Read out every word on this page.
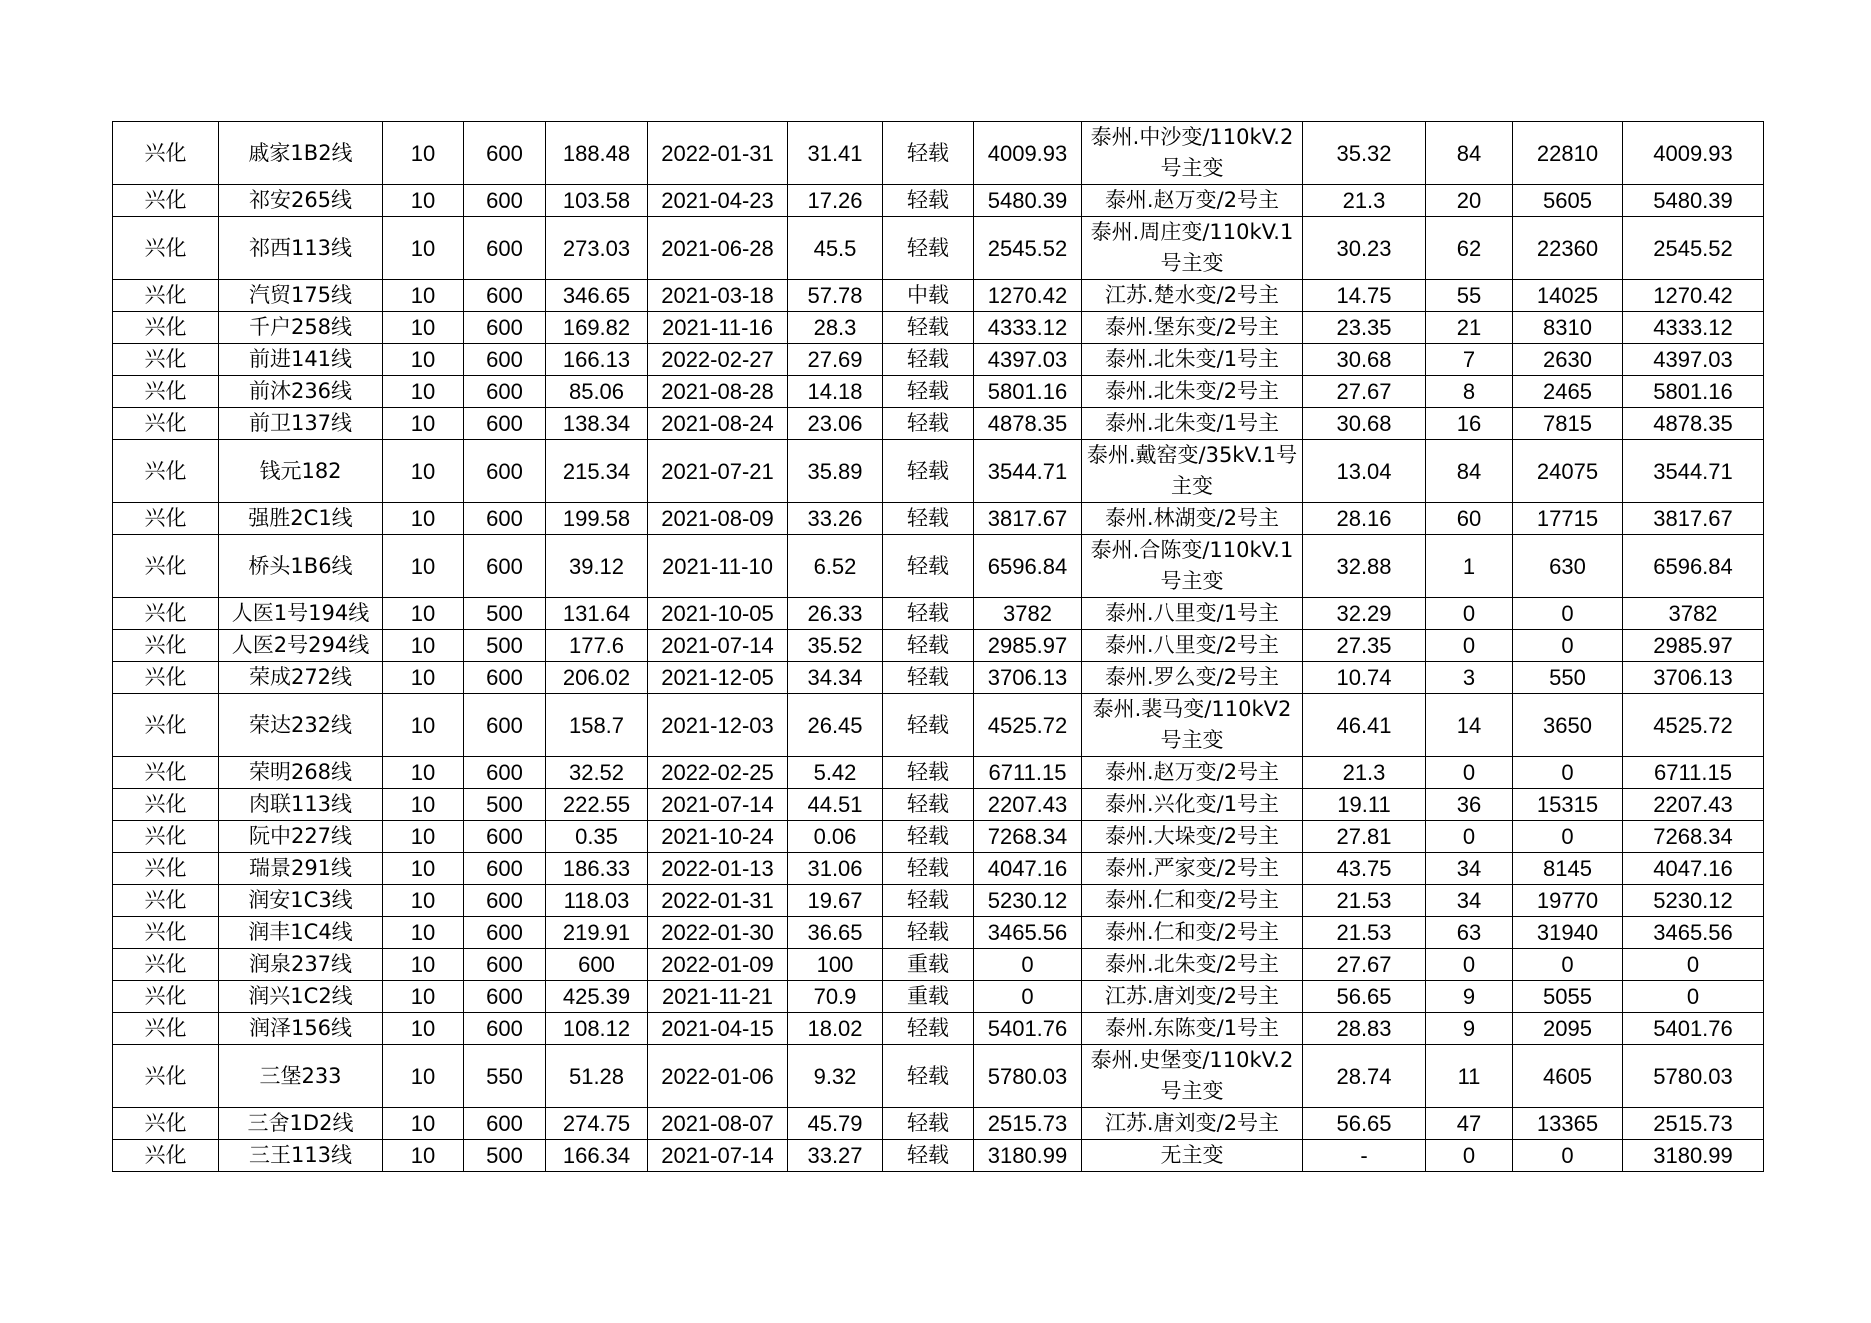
兴化	戚家1B2线	10	600	188.48	2022-01-31	31.41	轻载	4009.93	泰州.中沙变/110kV.2号主变	35.32	84	22810	4009.93
兴化	祁安265线	10	600	103.58	2021-04-23	17.26	轻载	5480.39	泰州.赵万变/2号主	21.3	20	5605	5480.39
兴化	祁西113线	10	600	273.03	2021-06-28	45.5	轻载	2545.52	泰州.周庄变/110kV.1号主变	30.23	62	22360	2545.52
兴化	汽贸175线	10	600	346.65	2021-03-18	57.78	中载	1270.42	江苏.楚水变/2号主	14.75	55	14025	1270.42
兴化	千户258线	10	600	169.82	2021-11-16	28.3	轻载	4333.12	泰州.堡东变/2号主	23.35	21	8310	4333.12
兴化	前进141线	10	600	166.13	2022-02-27	27.69	轻载	4397.03	泰州.北朱变/1号主	30.68	7	2630	4397.03
兴化	前沐236线	10	600	85.06	2021-08-28	14.18	轻载	5801.16	泰州.北朱变/2号主	27.67	8	2465	5801.16
兴化	前卫137线	10	600	138.34	2021-08-24	23.06	轻载	4878.35	泰州.北朱变/1号主	30.68	16	7815	4878.35
兴化	钱元182	10	600	215.34	2021-07-21	35.89	轻载	3544.71	泰州.戴窑变/35kV.1号主变	13.04	84	24075	3544.71
兴化	强胜2C1线	10	600	199.58	2021-08-09	33.26	轻载	3817.67	泰州.林湖变/2号主	28.16	60	17715	3817.67
兴化	桥头1B6线	10	600	39.12	2021-11-10	6.52	轻载	6596.84	泰州.合陈变/110kV.1号主变	32.88	1	630	6596.84
兴化	人医1号194线	10	500	131.64	2021-10-05	26.33	轻载	3782	泰州.八里变/1号主	32.29	0	0	3782
兴化	人医2号294线	10	500	177.6	2021-07-14	35.52	轻载	2985.97	泰州.八里变/2号主	27.35	0	0	2985.97
兴化	荣成272线	10	600	206.02	2021-12-05	34.34	轻载	3706.13	泰州.罗么变/2号主	10.74	3	550	3706.13
兴化	荣达232线	10	600	158.7	2021-12-03	26.45	轻载	4525.72	泰州.裴马变/110kV2号主变	46.41	14	3650	4525.72
兴化	荣明268线	10	600	32.52	2022-02-25	5.42	轻载	6711.15	泰州.赵万变/2号主	21.3	0	0	6711.15
兴化	肉联113线	10	500	222.55	2021-07-14	44.51	轻载	2207.43	泰州.兴化变/1号主	19.11	36	15315	2207.43
兴化	阮中227线	10	600	0.35	2021-10-24	0.06	轻载	7268.34	泰州.大垛变/2号主	27.81	0	0	7268.34
兴化	瑞景291线	10	600	186.33	2022-01-13	31.06	轻载	4047.16	泰州.严家变/2号主	43.75	34	8145	4047.16
兴化	润安1C3线	10	600	118.03	2022-01-31	19.67	轻载	5230.12	泰州.仁和变/2号主	21.53	34	19770	5230.12
兴化	润丰1C4线	10	600	219.91	2022-01-30	36.65	轻载	3465.56	泰州.仁和变/2号主	21.53	63	31940	3465.56
兴化	润泉237线	10	600	600	2022-01-09	100	重载	0	泰州.北朱变/2号主	27.67	0	0	0
兴化	润兴1C2线	10	600	425.39	2021-11-21	70.9	重载	0	江苏.唐刘变/2号主	56.65	9	5055	0
兴化	润泽156线	10	600	108.12	2021-04-15	18.02	轻载	5401.76	泰州.东陈变/1号主	28.83	9	2095	5401.76
兴化	三堡233	10	550	51.28	2022-01-06	9.32	轻载	5780.03	泰州.史堡变/110kV.2号主变	28.74	11	4605	5780.03
兴化	三舍1D2线	10	600	274.75	2021-08-07	45.79	轻载	2515.73	江苏.唐刘变/2号主	56.65	47	13365	2515.73
兴化	三王113线	10	500	166.34	2021-07-14	33.27	轻载	3180.99	无主变	-	0	0	3180.99
